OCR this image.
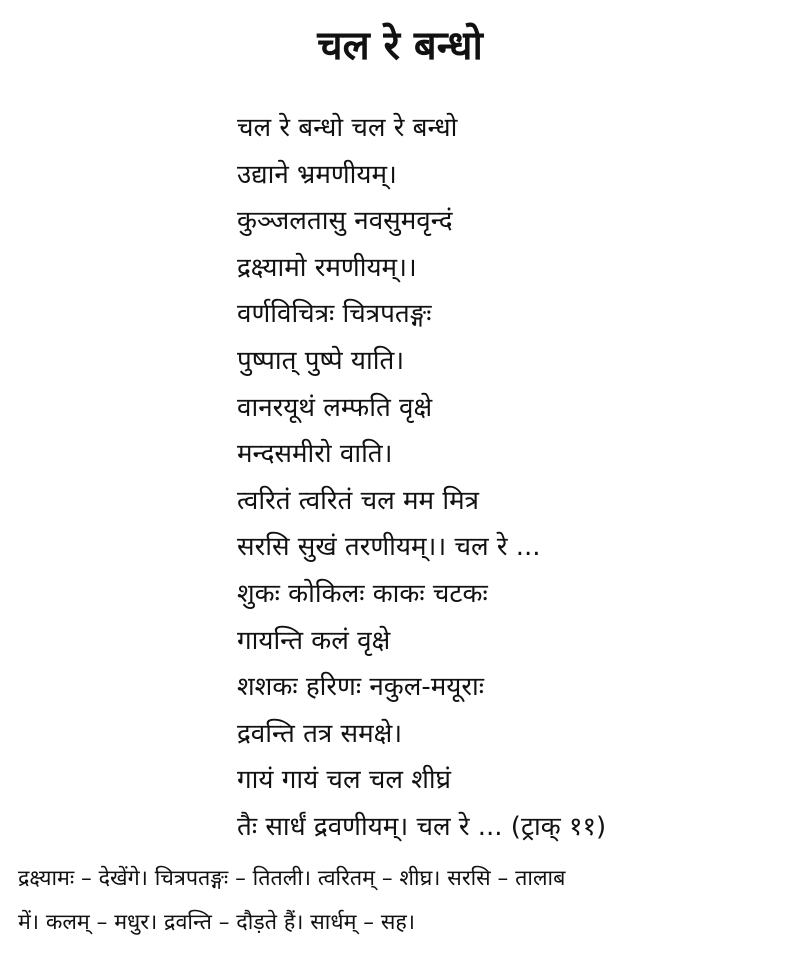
चल रे बन्धो
चल रे बन्धो चल रे बन्धो
उद्याने भ्रमणीयम्।
कुञ्जलतासु नवसुमवृन्दं
द्रक्ष्यामो रमणीयम्।।
वर्णविचित्रः चित्रपतङ्गः
पुष्पात् पुष्पे याति।
वानरयूथं लम्फति वृक्षे
मन्दसमीरो वाति।
त्वरितं त्वरितं चल मम मित्र
सरसि सुखं तरणीयम्।। चल रे ...
शुकः कोकिलः काकः चटकः
गायन्ति कलं वृक्षे
शशकः हरिणः नकुल-मयूराः
द्रवन्ति तत्र समक्षे।
गायं गायं चल चल शीघ्रं
तैः सार्धं द्रवणीयम्। चल रे ... (ट्राक् ११)
द्रक्ष्यामः – देखेंगे। चित्रपतङ्गः – तितली। त्वरितम् – शीघ्र। सरसि – तालाब
में। कलम् – मधुर। द्रवन्ति – दौड़ते हैं। सार्धम् – सह।
